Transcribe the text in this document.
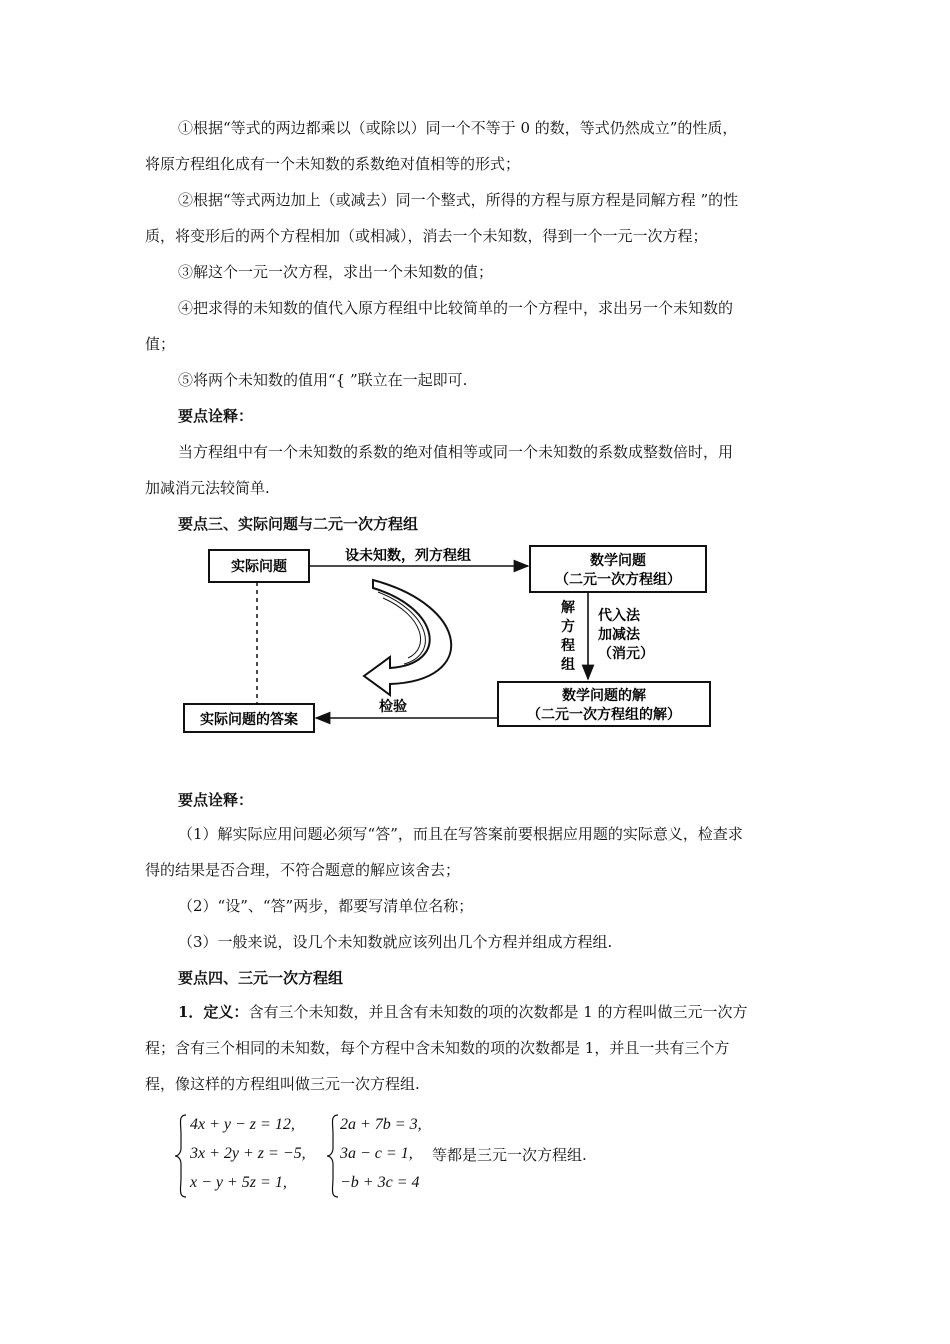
①根据“等式的两边都乘以（或除以）同一个不等于 0 的数，等式仍然成立”的性质，
将原方程组化成有一个未知数的系数绝对值相等的形式；
②根据“等式两边加上（或减去）同一个整式，所得的方程与原方程是同解方程 ”的性
质，将变形后的两个方程相加（或相减），消去一个未知数，得到一个一元一次方程；
③解这个一元一次方程，求出一个未知数的值；
④把求得的未知数的值代入原方程组中比较简单的一个方程中，求出另一个未知数的
值；
⑤将两个未知数的值用“{ ”联立在一起即可.
要点诠释：
当方程组中有一个未知数的系数的绝对值相等或同一个未知数的系数成整数倍时，用
加减消元法较简单.
要点三、实际问题与二元一次方程组
实际问题
设未知数，列方程组	数学问题
（二元一次方程组）
解方程组
代入法
加减法
（消元）
数学问题的解
（二元一次方程组的解）
检验
实际问题的答案
要点诠释：
（1）解实际应用问题必须写“答”，而且在写答案前要根据应用题的实际意义，检查求
得的结果是否合理，不符合题意的解应该舍去；
（2）“设”、“答”两步，都要写清单位名称；
（3）一般来说，设几个未知数就应该列出几个方程并组成方程组.
要点四、三元一次方程组
1．定义：含有三个未知数，并且含有未知数的项的次数都是 1 的方程叫做三元一次方
程；含有三个相同的未知数，每个方程中含未知数的项的次数都是 1，并且一共有三个方
程，像这样的方程组叫做三元一次方程组.
4x + y − z = 12,
3x + 2y + z = −5,
x − y + 5z = 1,
2a + 7b = 3,
3a − c = 1,
−b + 3c = 4
等都是三元一次方程组.
